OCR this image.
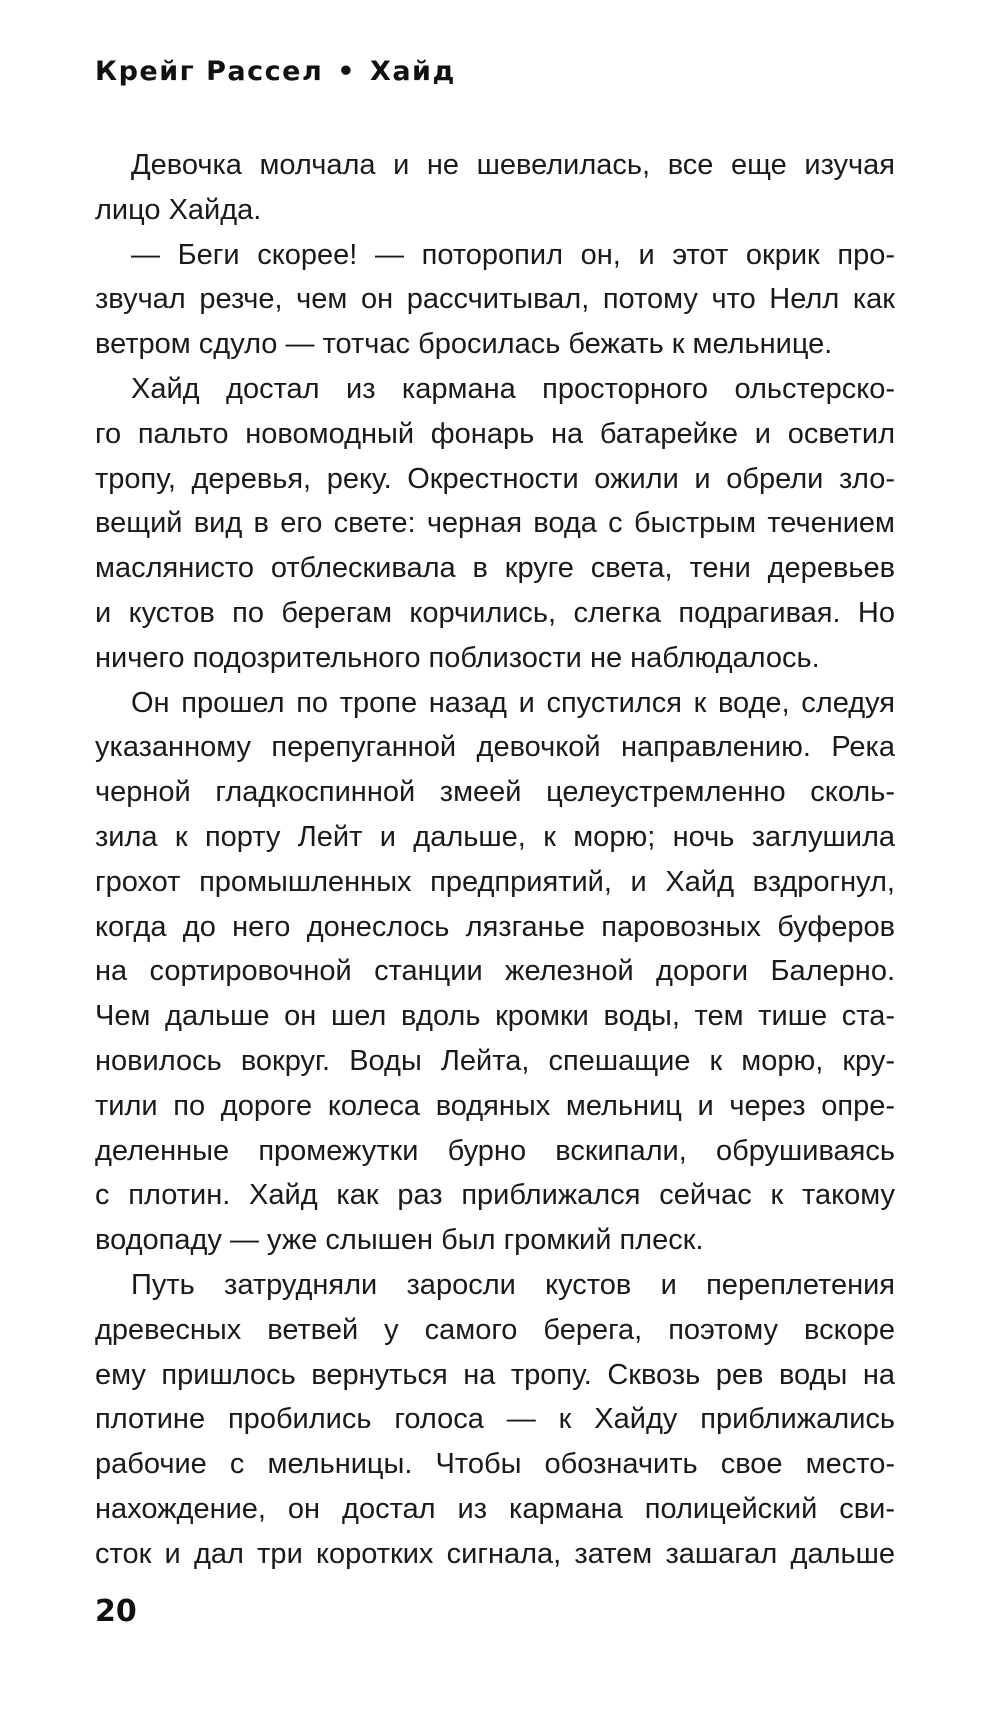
Крейг Рассел • Хайд
Девочка молчала и не шевелилась, все еще изучая
лицо Хайда.
— Беги скорее! — поторопил он, и этот окрик про-
звучал резче, чем он рассчитывал, потому что Нелл как
ветром сдуло — тотчас бросилась бежать к мельнице.
Хайд достал из кармана просторного ольстерско-
го пальто новомодный фонарь на батарейке и осветил
тропу, деревья, реку. Окрестности ожили и обрели зло-
вещий вид в его свете: черная вода с быстрым течением
маслянисто отблескивала в круге света, тени деревьев
и кустов по берегам корчились, слегка подрагивая. Но
ничего подозрительного поблизости не наблюдалось.
Он прошел по тропе назад и спустился к воде, следуя
указанному перепуганной девочкой направлению. Река
черной гладкоспинной змеей целеустремленно сколь-
зила к порту Лейт и дальше, к морю; ночь заглушила
грохот промышленных предприятий, и Хайд вздрогнул,
когда до него донеслось лязганье паровозных буферов
на сортировочной станции железной дороги Балерно.
Чем дальше он шел вдоль кромки воды, тем тише ста-
новилось вокруг. Воды Лейта, спешащие к морю, кру-
тили по дороге колеса водяных мельниц и через опре-
деленные промежутки бурно вскипали, обрушиваясь
с плотин. Хайд как раз приближался сейчас к такому
водопаду — уже слышен был громкий плеск.
Путь затрудняли заросли кустов и переплетения
древесных ветвей у самого берега, поэтому вскоре
ему пришлось вернуться на тропу. Сквозь рев воды на
плотине пробились голоса — к Хайду приближались
рабочие с мельницы. Чтобы обозначить свое место-
нахождение, он достал из кармана полицейский сви-
сток и дал три коротких сигнала, затем зашагал дальше
20
